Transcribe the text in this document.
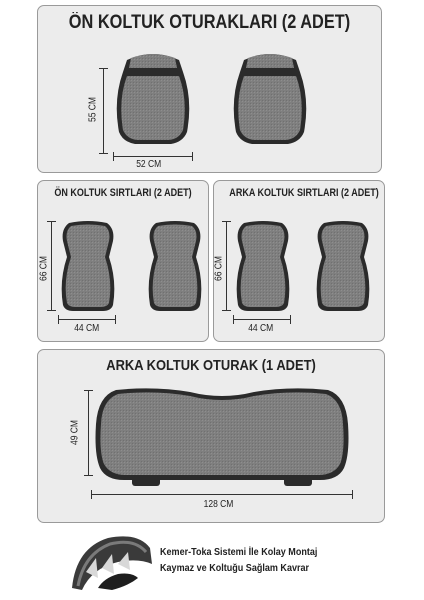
ÖN KOLTUK OTURAKLARI (2 ADET)
55 CM
52 CM
ÖN KOLTUK SIRTLARI (2 ADET)
66 CM
44 CM
ARKA KOLTUK SIRTLARI (2 ADET)
66 CM
44 CM
ARKA KOLTUK OTURAK (1 ADET)
49 CM
128 CM
Kemer-Toka Sistemi İle Kolay Montaj
Kaymaz ve Koltuğu Sağlam Kavrar
